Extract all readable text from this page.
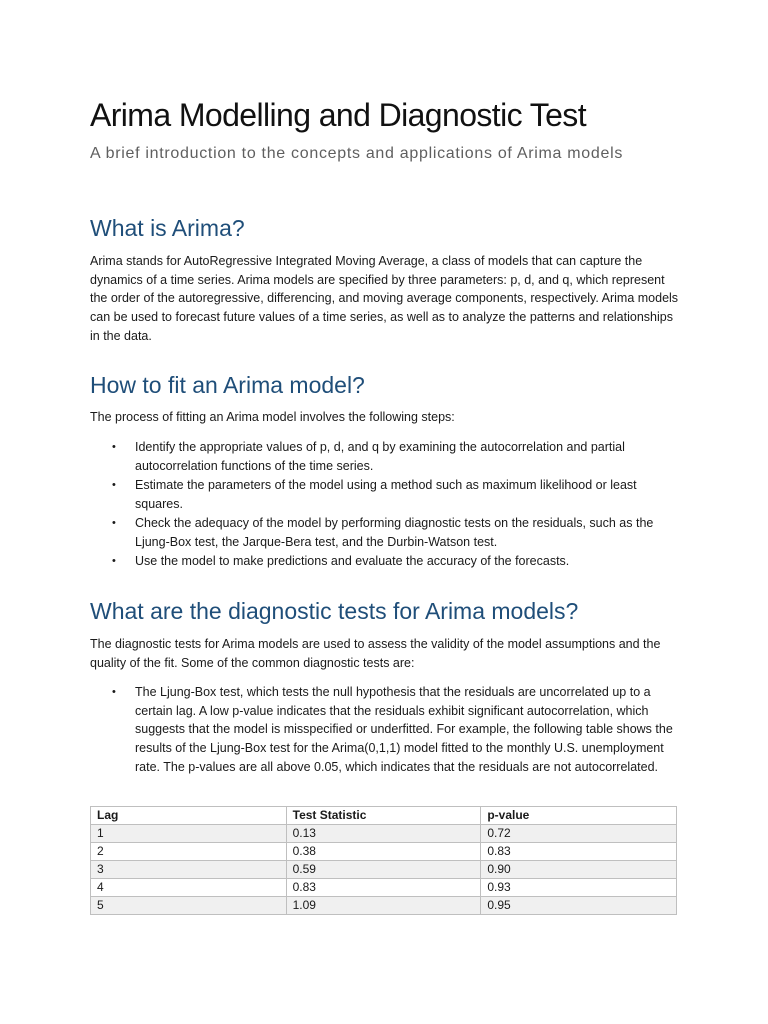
Arima Modelling and Diagnostic Test

A brief introduction to the concepts and applications of Arima models

What is Arima?

Arima stands for AutoRegressive Integrated Moving Average, a class of models that can capture the dynamics of a time series. Arima models are specified by three parameters: p, d, and q, which represent the order of the autoregressive, differencing, and moving average components, respectively. Arima models can be used to forecast future values of a time series, as well as to analyze the patterns and relationships in the data.

How to fit an Arima model?

The process of fitting an Arima model involves the following steps:

• Identify the appropriate values of p, d, and q by examining the autocorrelation and partial autocorrelation functions of the time series.
• Estimate the parameters of the model using a method such as maximum likelihood or least squares.
• Check the adequacy of the model by performing diagnostic tests on the residuals, such as the Ljung-Box test, the Jarque-Bera test, and the Durbin-Watson test.
• Use the model to make predictions and evaluate the accuracy of the forecasts.
What are the diagnostic tests for Arima models?

The diagnostic tests for Arima models are used to assess the validity of the model assumptions and the quality of the fit. Some of the common diagnostic tests are:

• The Ljung-Box test, which tests the null hypothesis that the residuals are uncorrelated up to a certain lag. A low p-value indicates that the residuals exhibit significant autocorrelation, which suggests that the model is misspecified or underfitted. For example, the following table shows the results of the Ljung-Box test for the Arima(0,1,1) model fitted to the monthly U.S. unemployment rate. The p-values are all above 0.05, which indicates that the residuals are not autocorrelated.
Lag	Test Statistic	p-value
1	0.13	0.72
2	0.38	0.83
3	0.59	0.90
4	0.83	0.93
5	1.09	0.95
